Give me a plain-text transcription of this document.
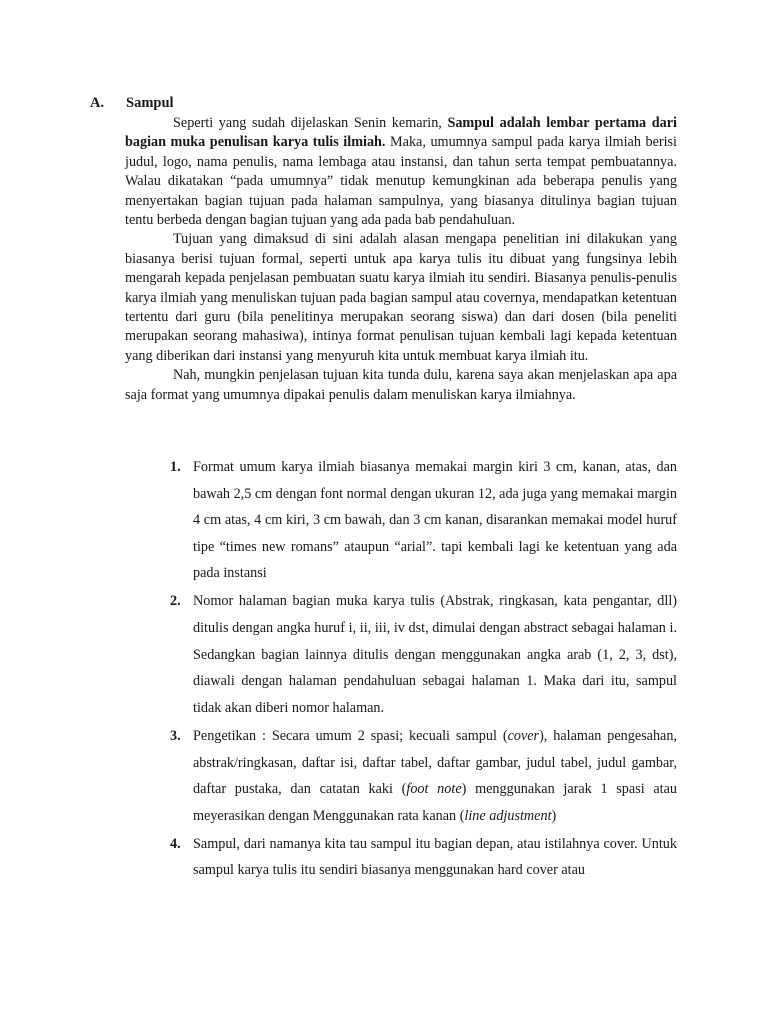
A. Sampul

Seperti yang sudah dijelaskan Senin kemarin, Sampul adalah lembar pertama dari bagian muka penulisan karya tulis ilmiah. Maka, umumnya sampul pada karya ilmiah berisi judul, logo, nama penulis, nama lembaga atau instansi, dan tahun serta tempat pembuatannya. Walau dikatakan “pada umumnya” tidak menutup kemungkinan ada beberapa penulis yang menyertakan bagian tujuan pada halaman sampulnya, yang biasanya ditulinya bagian tujuan tentu berbeda dengan bagian tujuan yang ada pada bab pendahuluan.

Tujuan yang dimaksud di sini adalah alasan mengapa penelitian ini dilakukan yang biasanya berisi tujuan formal, seperti untuk apa karya tulis itu dibuat yang fungsinya lebih mengarah kepada penjelasan pembuatan suatu karya ilmiah itu sendiri. Biasanya penulis-penulis karya ilmiah yang menuliskan tujuan pada bagian sampul atau covernya, mendapatkan ketentuan tertentu dari guru (bila penelitinya merupakan seorang siswa) dan dari dosen (bila peneliti merupakan seorang mahasiwa), intinya format penulisan tujuan kembali lagi kepada ketentuan yang diberikan dari instansi yang menyuruh kita untuk membuat karya ilmiah itu.

Nah, mungkin penjelasan tujuan kita tunda dulu, karena saya akan menjelaskan apa apa saja format yang umumnya dipakai penulis dalam menuliskan karya ilmiahnya.

1. Format umum karya ilmiah biasanya memakai margin kiri 3 cm, kanan, atas, dan bawah 2,5 cm dengan font normal dengan ukuran 12, ada juga yang memakai margin 4 cm atas, 4 cm kiri, 3 cm bawah, dan 3 cm kanan, disarankan memakai model huruf tipe “times new romans” ataupun “arial”. tapi kembali lagi ke ketentuan yang ada pada instansi
2. Nomor halaman bagian muka karya tulis (Abstrak, ringkasan, kata pengantar, dll) ditulis dengan angka huruf i, ii, iii, iv dst, dimulai dengan abstract sebagai halaman i. Sedangkan bagian lainnya ditulis dengan menggunakan angka arab (1, 2, 3, dst), diawali dengan halaman pendahuluan sebagai halaman 1. Maka dari itu, sampul tidak akan diberi nomor halaman.
3. Pengetikan : Secara umum 2 spasi; kecuali sampul (cover), halaman pengesahan, abstrak/ringkasan, daftar isi, daftar tabel, daftar gambar, judul tabel, judul gambar, daftar pustaka, dan catatan kaki (foot note) menggunakan jarak 1 spasi atau meyerasikan dengan Menggunakan rata kanan (line adjustment)
4. Sampul, dari namanya kita tau sampul itu bagian depan, atau istilahnya cover. Untuk sampul karya tulis itu sendiri biasanya menggunakan hard cover atau
